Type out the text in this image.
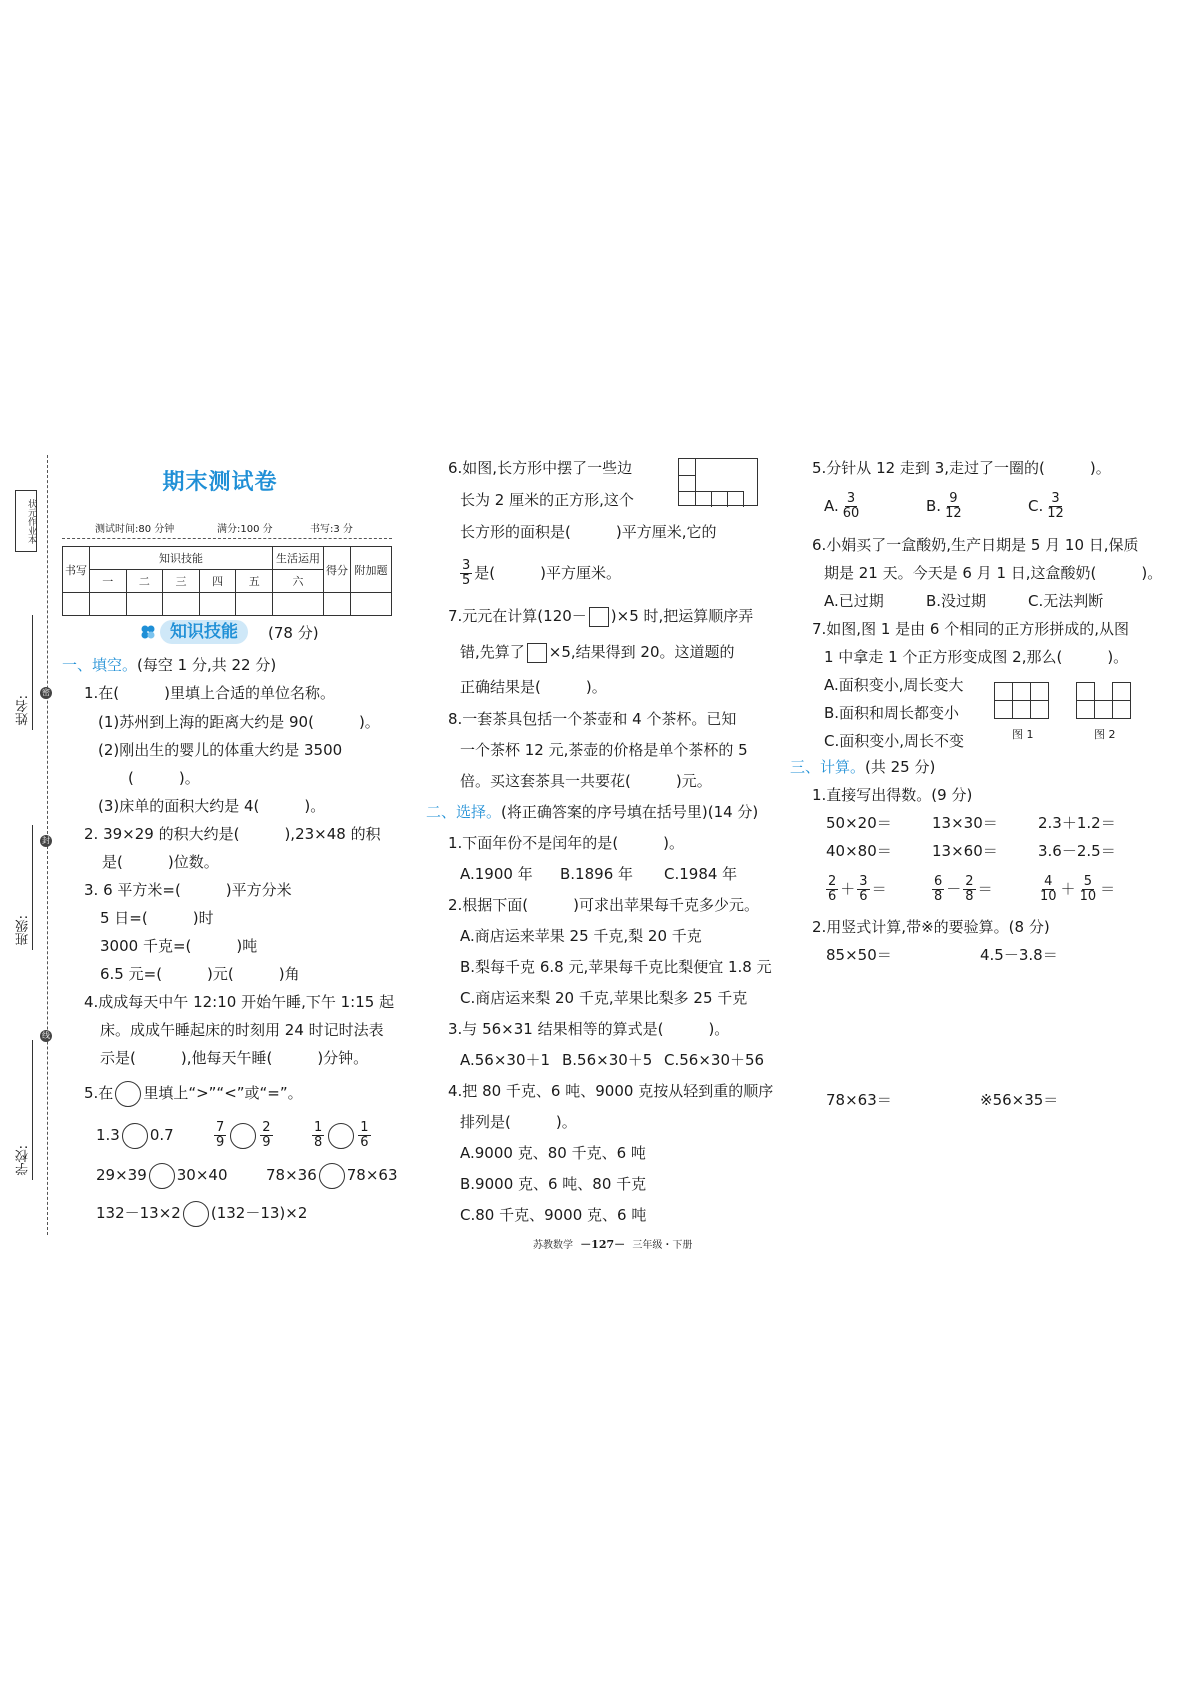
状元作业本
姓名:
班级:
学校:
密
封
线
期末测试卷
测试时间:80 分钟	满分:100 分	书写:3 分
书写	知识技能					生活运用	得分	附加题
	一	二	三	四	五	六		

知识技能	(78 分)
一、填空。(每空 1 分,共 22 分)
1.在(　　　)里填上合适的单位名称。
(1)苏州到上海的距离大约是 90(　　　)。
(2)刚出生的婴儿的体重大约是 3500
(　　　)。
(3)床单的面积大约是 4(　　　)。
2. 39×29 的积大约是(　　　),23×48 的积
是(　　　)位数。
3. 6 平方米=(　　　)平方分米
5 日=(　　　)时
3000 千克=(　　　)吨
6.5 元=(　　　)元(　　　)角
4.成成每天中午 12:10 开始午睡,下午 1:15 起
床。成成午睡起床的时刻用 24 时记时法表
示是(　　　),他每天午睡(　　　)分钟。
5.在 里填上“>”“<”或“=”。
1.3 0.7	$\frac{7}{9}$	$\frac{2}{9}$	$\frac{1}{8}$	$\frac{1}{6}$
29×39 30×40	78×36 78×63
132－13×2 (132－13)×2
6.如图,长方形中摆了一些边
长为 2 厘米的正方形,这个
长方形的面积是(　　　)平方厘米,它的
$\frac{3}{5}$ 是(　　　)平方厘米。
7.元元在计算(120－ )×5 时,把运算顺序弄
错,先算了 ×5,结果得到 20。这道题的
正确结果是(　　　)。
8.一套茶具包括一个茶壶和 4 个茶杯。已知
一个茶杯 12 元,茶壶的价格是单个茶杯的 5
倍。买这套茶具一共要花(　　　)元。
二、选择。(将正确答案的序号填在括号里)(14 分)
1.下面年份不是闰年的是(　　　)。
A.1900 年 B.1896 年 C.1984 年
2.根据下面(　　　)可求出苹果每千克多少元。
A.商店运来苹果 25 千克,梨 20 千克
B.梨每千克 6.8 元,苹果每千克比梨便宜 1.8 元
C.商店运来梨 20 千克,苹果比梨多 25 千克
3.与 56×31 结果相等的算式是(　　　)。
A.56×30＋1 B.56×30＋5 C.56×30＋56
4.把 80 千克、6 吨、9000 克按从轻到重的顺序
排列是(　　　)。
A.9000 克、80 千克、6 吨
B.9000 克、6 吨、80 千克
C.80 千克、9000 克、6 吨
5.分针从 12 走到 3,走过了一圈的(　　　)。
A. $\frac{3}{60}$	B. $\frac{9}{12}$	C. $\frac{3}{12}$
6.小娟买了一盒酸奶,生产日期是 5 月 10 日,保质
期是 21 天。今天是 6 月 1 日,这盒酸奶(　　　)。
A.已过期	B.没过期	C.无法判断
7.如图,图 1 是由 6 个相同的正方形拼成的,从图
1 中拿走 1 个正方形变成图 2,那么(　　　)。
A.面积变小,周长变大
B.面积和周长都变小
C.面积变小,周长不变	图 1	图 2
三、计算。(共 25 分)
1.直接写出得数。(9 分)
50×20＝	13×30＝	2.3＋1.2＝
40×80＝	13×60＝	3.6－2.5＝
$\frac{2}{6} + \frac{3}{6}$ ＝	$\frac{6}{8} - \frac{2}{8}$ ＝	$\frac{4}{10} + \frac{5}{10}$ ＝
2.用竖式计算,带※的要验算。(8 分)
85×50＝	4.5－3.8＝
78×63＝	※56×35＝
苏教数学 －127－ 三年级・下册
